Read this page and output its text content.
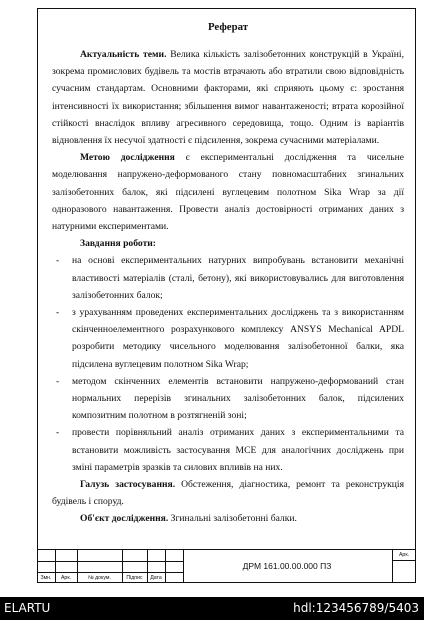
Реферат

Актуальність теми. Велика кількість залізобетонних конструкцій в Україні, зокрема промислових будівель та мостів втрачають або втратили свою відповідність сучасним стандартам. Основними факторами, які сприяють цьому є: зростання інтенсивності їх використання; збільшення вимог навантаженості; втрата корозійної стійкості внаслідок впливу агресивного середовища, тощо. Одним із варіантів відновлення їх несучої здатності є підсилення, зокрема сучасними матеріалами.

Метою дослідження є експериментальні дослідження та чисельне моделювання напружено-деформованого стану повномасштабних згинальних залізобетонних балок, які підсилені вуглецевим полотном Sika Wrap за дії одноразового навантаження. Провести аналіз достовірності отриманих даних з натурними експериментами.

Завдання роботи:

- на основі експериментальних натурних випробувань встановити механічні властивості матеріалів (сталі, бетону), які використовувались для виготовлення залізобетонних балок;
- з урахуванням проведених експериментальних досліджень та з використанням скінченноелементного розрахункового комплексу ANSYS Mechanical APDL розробити методику чисельного моделювання залізобетонної балки, яка підсилена вуглецевим полотном Sika Wrap;
- методом скінченних елементів встановити напружено-деформований стан нормальних перерізів згинальних залізобетонних балок, підсилених композитним полотном в розтягненій зоні;
- провести порівняльний аналіз отриманих даних з експериментальними та встановити можливість застосування МСЕ для аналогічних досліджень при зміні параметрів зразків та силових впливів на них.

Галузь застосування. Обстеження, діагностика, ремонт та реконструкція будівель і споруд.

Об'єкт дослідження. Згинальні залізобетонні балки.

Змн.	Арк.	№ докум.	Підпис	Дата
ДРМ 161.00.00.000 ПЗ
Арк.
ELARTU	hdl:123456789/5403
